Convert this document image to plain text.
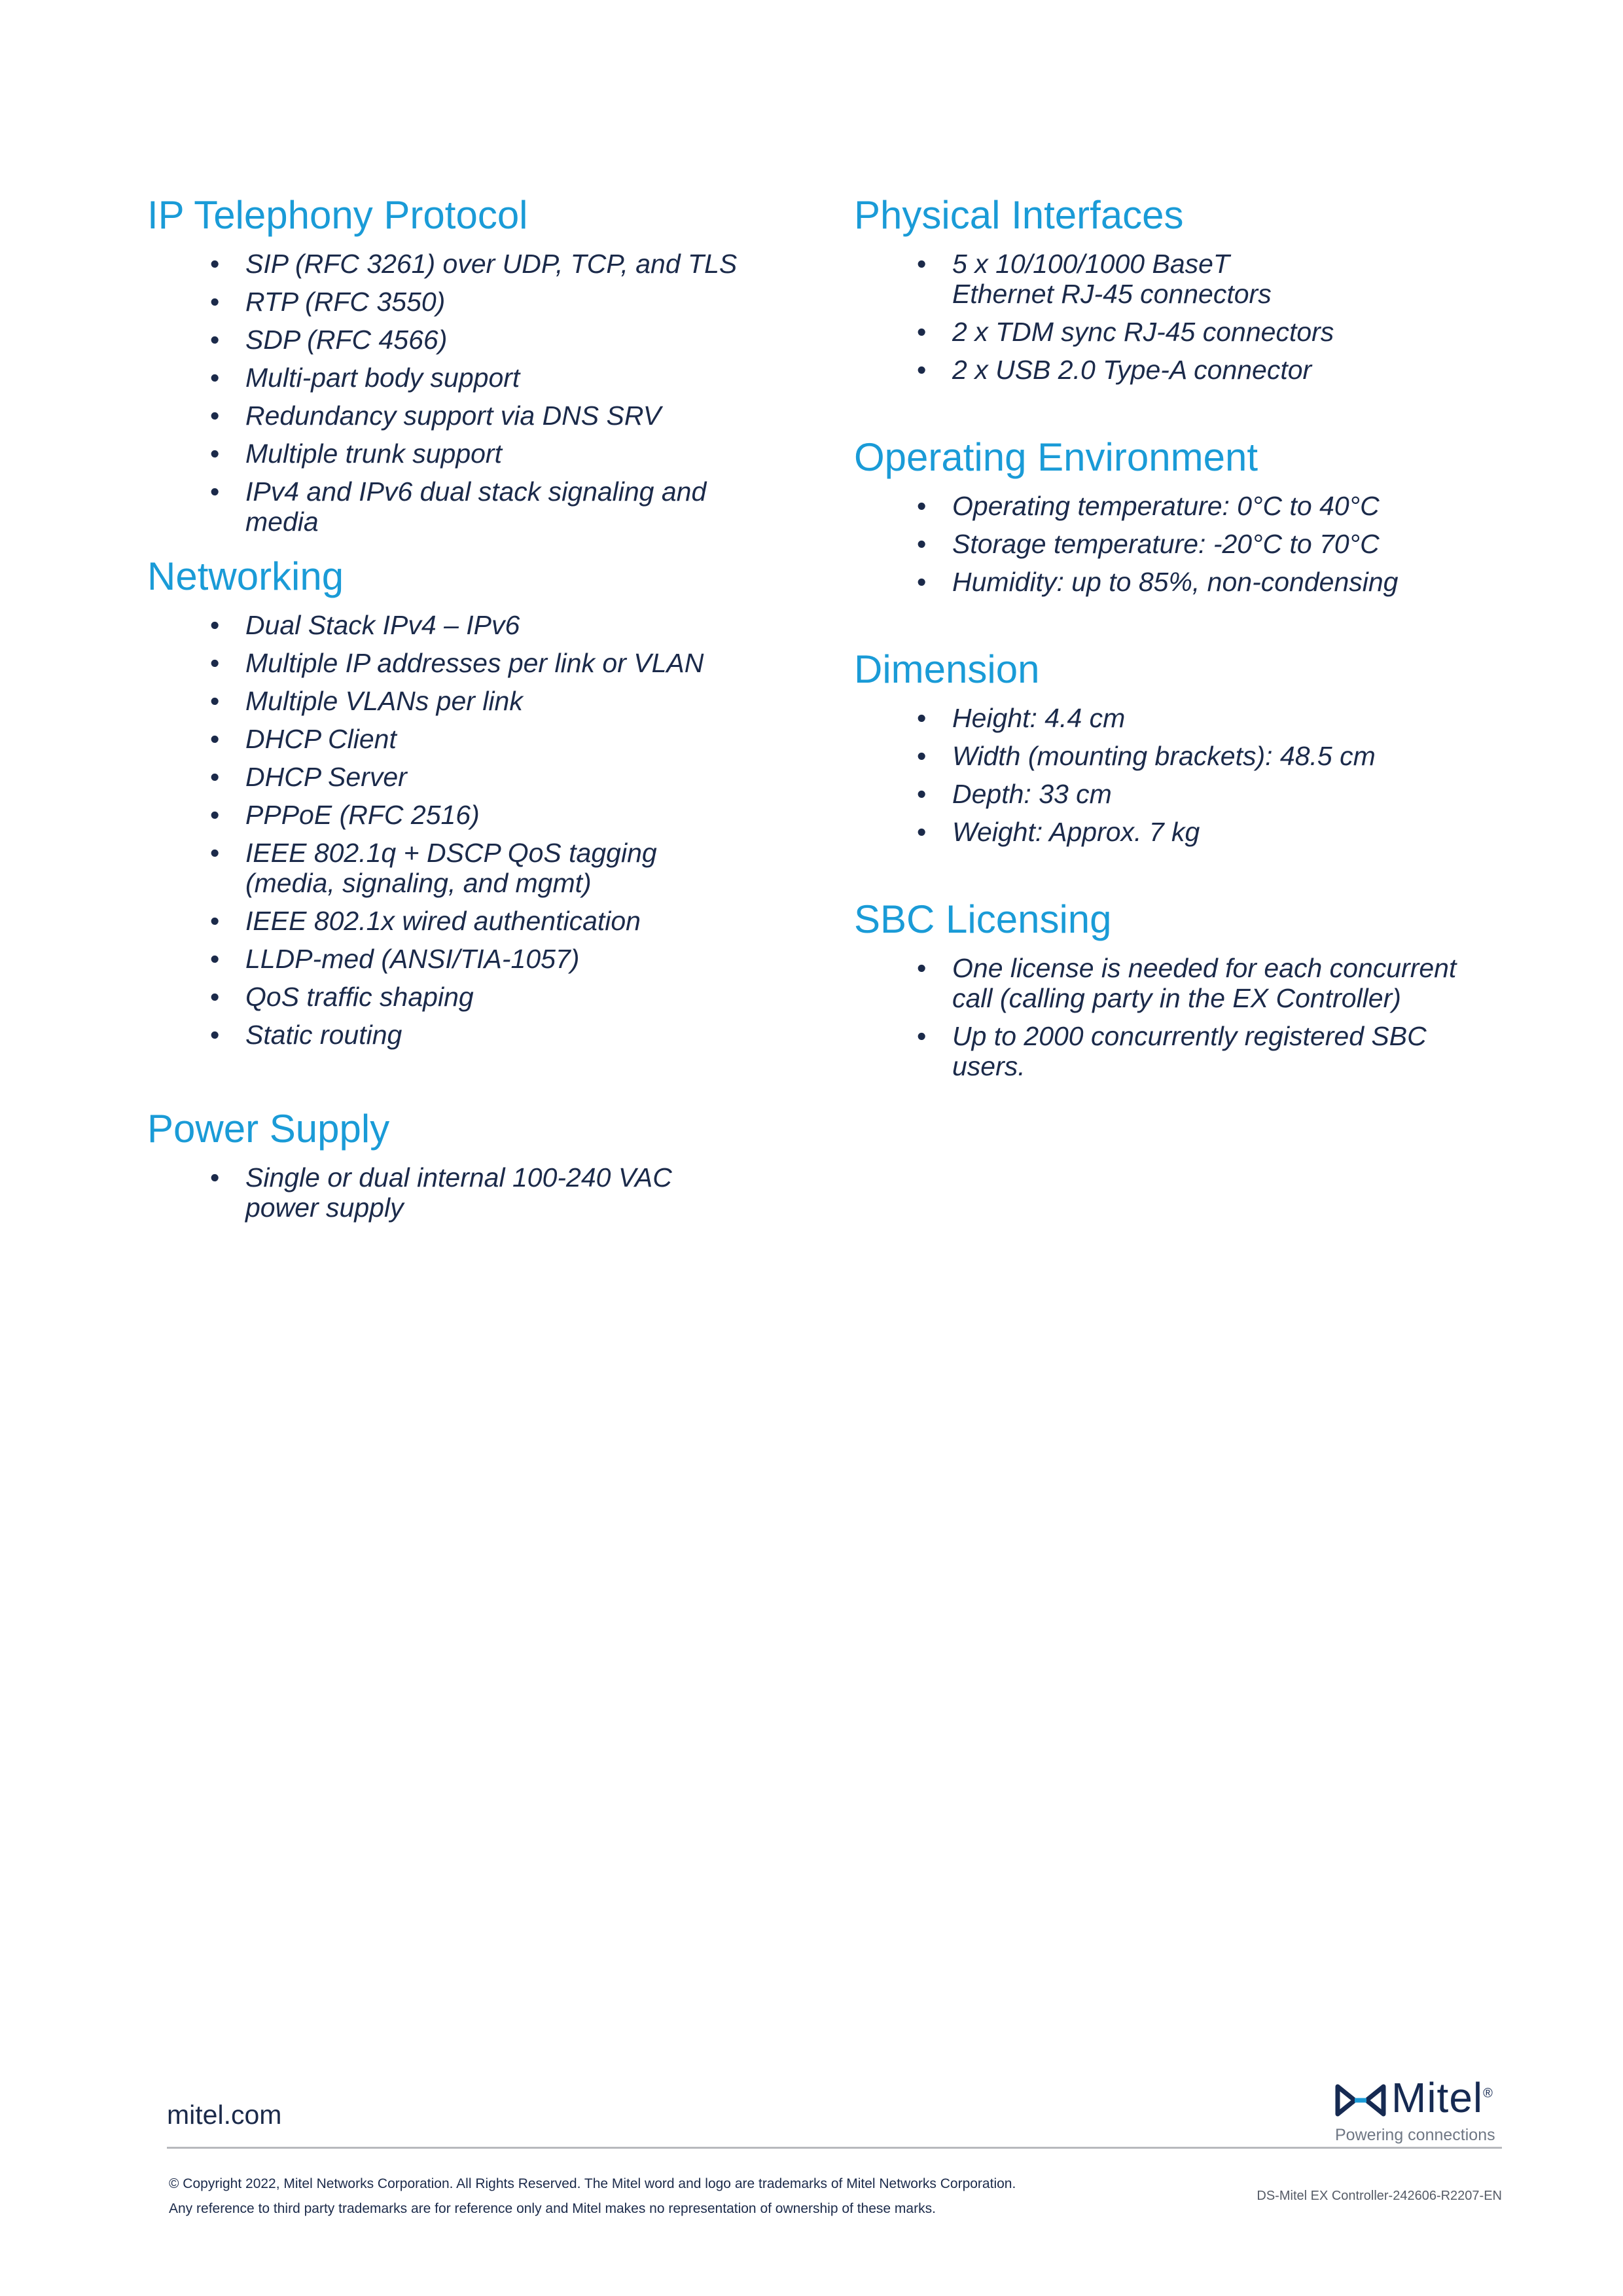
IP Telephony Protocol
• SIP (RFC 3261) over UDP, TCP, and TLS
• RTP (RFC 3550)
• SDP (RFC 4566)
• Multi-part body support
• Redundancy support via DNS SRV
• Multiple trunk support
• IPv4 and IPv6 dual stack signaling and
media
Networking
• Dual Stack IPv4 – IPv6
• Multiple IP addresses per link or VLAN
• Multiple VLANs per link
• DHCP Client
• DHCP Server
• PPPoE (RFC 2516)
• IEEE 802.1q + DSCP QoS tagging
(media, signaling, and mgmt)
• IEEE 802.1x wired authentication
• LLDP-med (ANSI/TIA-1057)
• QoS traffic shaping
• Static routing
Power Supply
• Single or dual internal 100-240 VAC
power supply
Physical Interfaces
• 5 x 10/100/1000 BaseT
Ethernet RJ-45 connectors
• 2 x TDM sync RJ-45 connectors
• 2 x USB 2.0 Type-A connector
Operating Environment
• Operating temperature: 0°C to 40°C
• Storage temperature: -20°C to 70°C
• Humidity: up to 85%, non-condensing
Dimension
• Height: 4.4 cm
• Width (mounting brackets): 48.5 cm
• Depth: 33 cm
• Weight: Approx. 7 kg
SBC Licensing
• One license is needed for each concurrent
call (calling party in the EX Controller)
• Up to 2000 concurrently registered SBC
users.
mitel.com	Mitel®
Powering connections
© Copyright 2022, Mitel Networks Corporation. All Rights Reserved. The Mitel word and logo are trademarks of Mitel Networks Corporation.
Any reference to third party trademarks are for reference only and Mitel makes no representation of ownership of these marks.
DS-Mitel EX Controller-242606-R2207-EN
